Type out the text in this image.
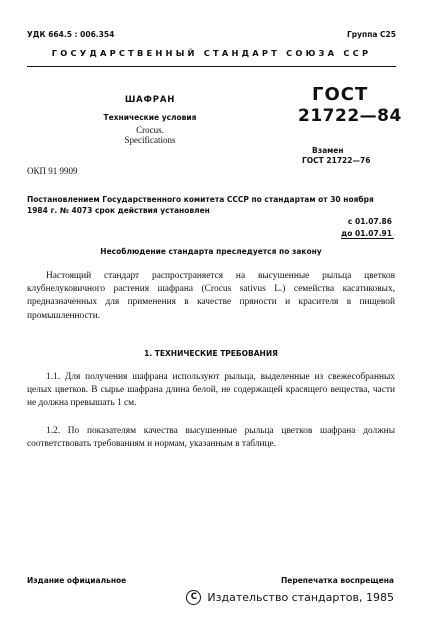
УДК 664.5 : 006.354	Группа С25
ГОСУДАРСТВЕННЫЙ СТАНДАРТ СОЮЗА ССР
ШАФРАН
Технические условия
Crocus.
Specifications
ГОСТ
21722—84
Взамен
ГОСТ 21722—76
ОКП 91 9909
Постановлением Государственного комитета СССР по стандартам от 30 ноября 1984 г. № 4073 срок действия установлен
с 01.07.86
до 01.07.91
Несоблюдение стандарта преследуется по закону

Настоящий стандарт распространяется на высушенные рыльца цветков клубнелуковичного растения шафрана (Crocus sativus L.) семейства касатиковых, предназначенных для применения в качестве пряности и красителя в пищевой промышленности.

1. ТЕХНИЧЕСКИЕ ТРЕБОВАНИЯ

1.1. Для получения шафрана используют рыльца, выделенные из свежесобранных целых цветков. В сырье шафрана длина белой, не содержащей красящего вещества, части не должна превышать 1 см.

1.2. По показателям качества высушенные рыльца цветков шафрана должны соответствовать требованиям и нормам, указанным в таблице.

Издание официальное	Перепечатка воспрещена
C Издательство стандартов, 1985
